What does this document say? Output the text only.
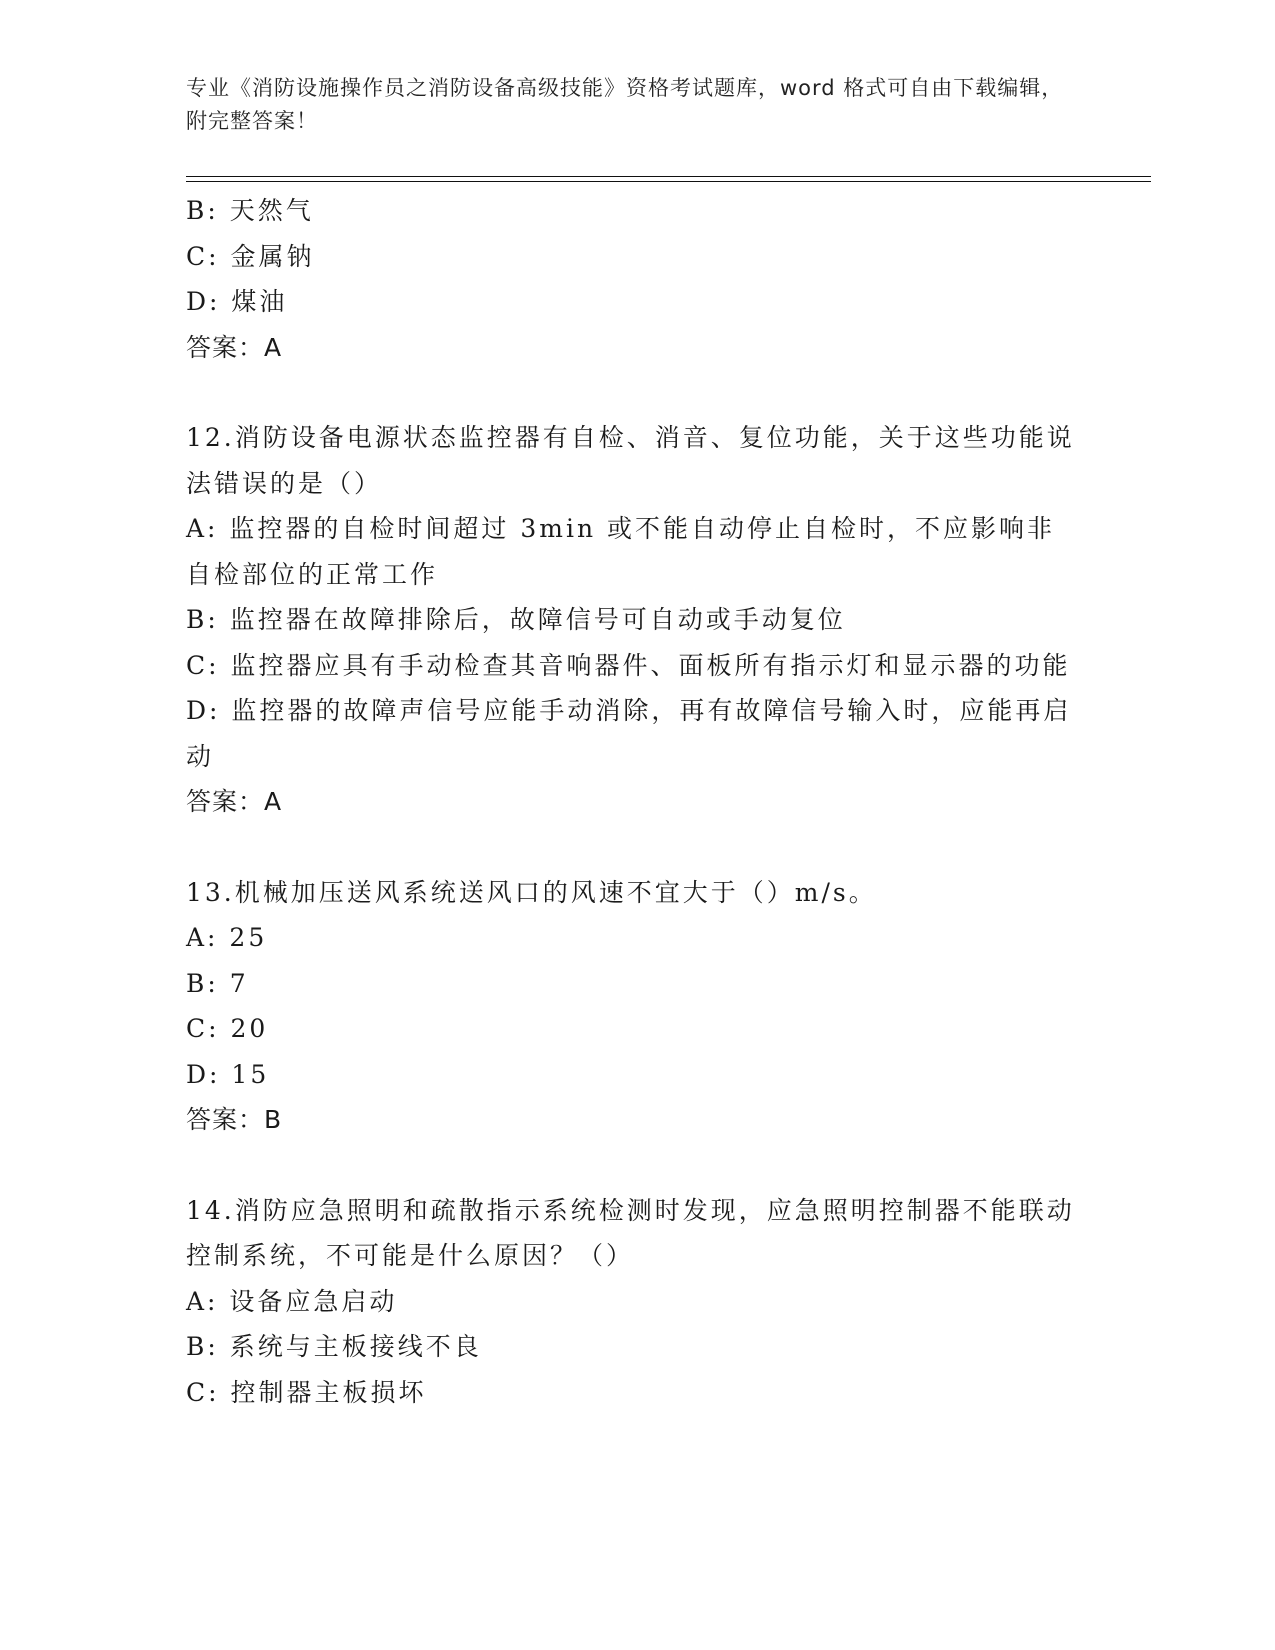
专业《消防设施操作员之消防设备高级技能》资格考试题库，word 格式可自由下载编辑，附完整答案！
B: 天然气
C: 金属钠
D: 煤油
答案：A
12.消防设备电源状态监控器有自检、消音、复位功能，关于这些功能说法错误的是（）
A: 监控器的自检时间超过 3min 或不能自动停止自检时，不应影响非自检部位的正常工作
B: 监控器在故障排除后，故障信号可自动或手动复位
C: 监控器应具有手动检查其音响器件、面板所有指示灯和显示器的功能
D: 监控器的故障声信号应能手动消除，再有故障信号输入时，应能再启动
答案：A
13.机械加压送风系统送风口的风速不宜大于（）m/s。
A: 25
B: 7
C: 20
D: 15
答案：B
14.消防应急照明和疏散指示系统检测时发现，应急照明控制器不能联动控制系统，不可能是什么原因？（）
A: 设备应急启动
B: 系统与主板接线不良
C: 控制器主板损坏
